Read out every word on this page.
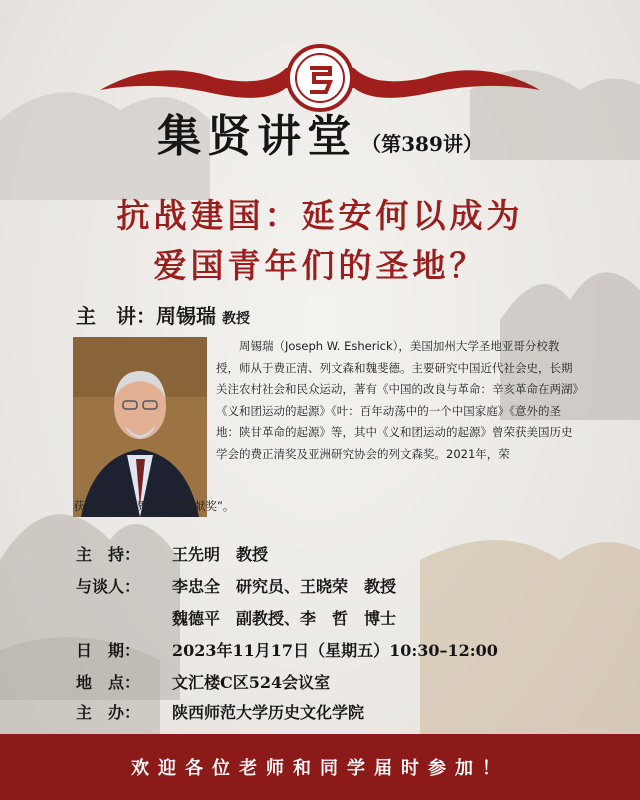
集贤讲堂 （第389讲）
抗战建国：延安何以成为
爱国青年们的圣地？
主　讲：周锡瑞 教授
周锡瑞（Joseph W. Esherick），美国加州大学圣地亚哥分校教授，师从于费正清、列文森和魏斐德。主要研究中国近代社会史，长期关注农村社会和民众运动，著有《中国的改良与革命：辛亥革命在两湖》《义和团运动的起源》《叶：百年动荡中的一个中国家庭》《意外的圣地：陕甘革命的起源》等，其中《义和团运动的起源》曾荣获美国历史学会的费正清奖及亚洲研究协会的列文森奖。2021年，荣
获“第六届世界中国学贡献奖”。
主　持： 王先明　教授
与谈人： 李忠全　研究员、王晓荣　教授
魏德平　副教授、李　哲　博士
日　期： 2023年11月17日（星期五）10:30–12:00
地　点： 文汇楼C区524会议室
主　办： 陕西师范大学历史文化学院
欢迎各位老师和同学届时参加！
